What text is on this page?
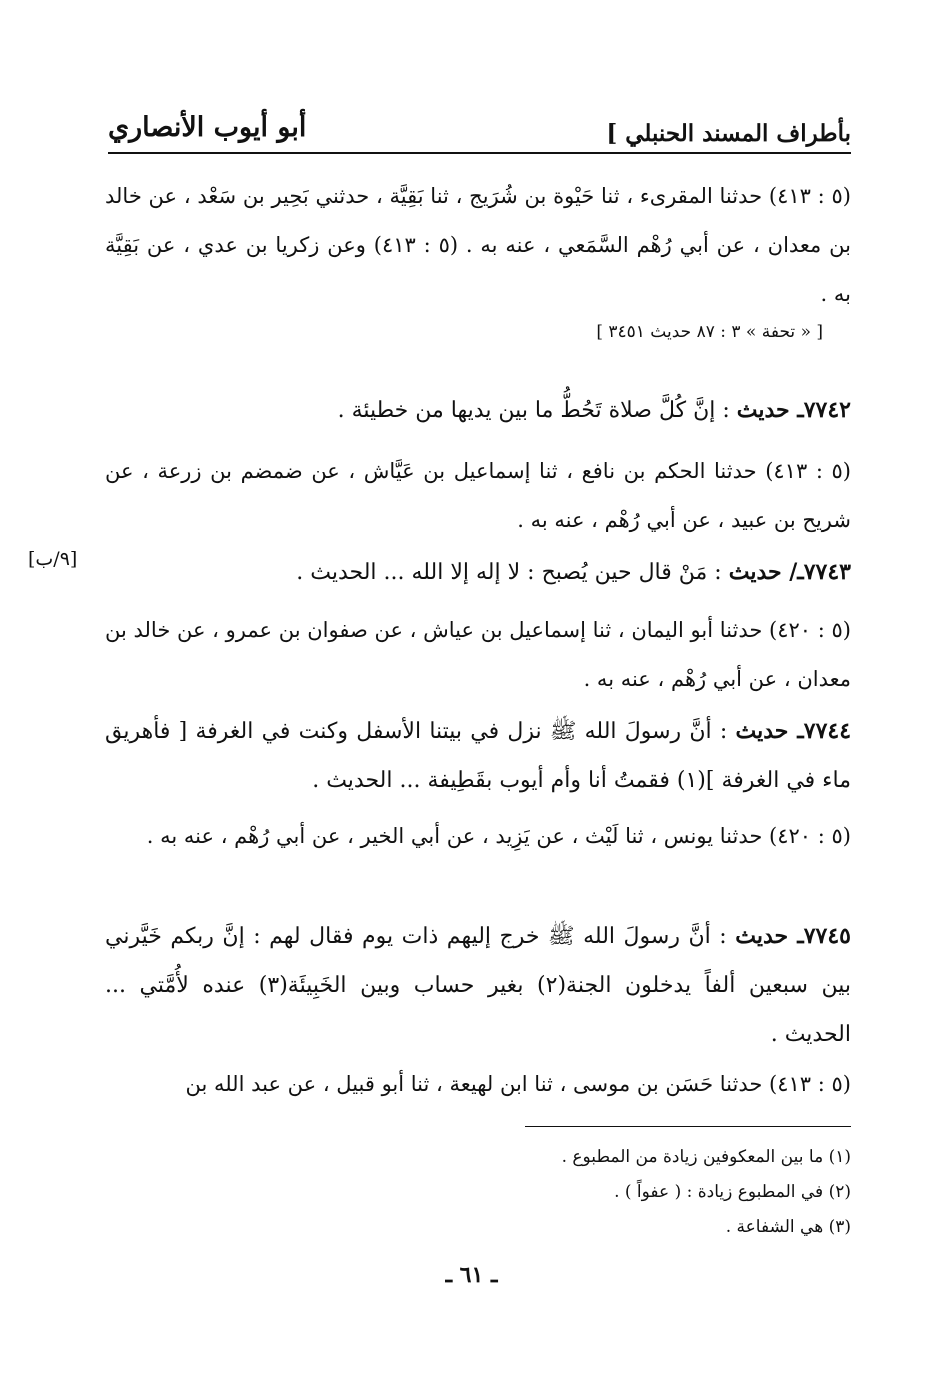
بأطراف المسند الحنبلي ]
أبو أيوب الأنصاري
(٥ : ٤١٣) حدثنا المقرىء ، ثنا حَيْوة بن شُرَيج ، ثنا بَقِيَّة ، حدثني بَحِير بن سَعْد ، عن خالد بن معدان ، عن أبي رُهْم السَّمَعي ، عنه به . (٥ : ٤١٣) وعن زكريا بن عدي ، عن بَقِيَّة به .
[ « تحفة » ٣ : ٨٧ حديث ٣٤٥١ ]
٧٧٤٢ـ حديث : إنَّ كُلَّ صلاة تَحُطُّ ما بين يديها من خطيئة .
(٥ : ٤١٣) حدثنا الحكم بن نافع ، ثنا إسماعيل بن عَيَّاش ، عن ضمضم بن زرعة ، عن شريح بن عبيد ، عن أبي رُهْم ، عنه به .
[٩/ب]	٧٧٤٣ـ/ حديث : مَنْ قال حين يُصبح : لا إله إلا الله ... الحديث .
(٥ : ٤٢٠) حدثنا أبو اليمان ، ثنا إسماعيل بن عياش ، عن صفوان بن عمرو ، عن خالد بن معدان ، عن أبي رُهْم ، عنه به .
٧٧٤٤ـ حديث : أنَّ رسولَ الله ﷺ نزل في بيتنا الأسفل وكنت في الغرفة [ فأهريق ماء في الغرفة ](١) فقمتُ أنا وأم أيوب بقَطِيفة ... الحديث .
(٥ : ٤٢٠) حدثنا يونس ، ثنا لَيْث ، عن يَزِيد ، عن أبي الخير ، عن أبي رُهْم ، عنه به .
٧٧٤٥ـ حديث : أنَّ رسولَ الله ﷺ خرج إليهم ذات يوم فقال لهم : إنَّ ربكم خَيَّرني بين سبعين ألفاً يدخلون الجنة(٢) بغير حساب وبين الخَبِيئَة(٣) عنده لأُمَّتي ... الحديث .
(٥ : ٤١٣) حدثنا حَسَن بن موسى ، ثنا ابن لهيعة ، ثنا أبو قبيل ، عن عبد الله بن
(١) ما بين المعكوفين زيادة من المطبوع .
(٢) في المطبوع زيادة : ( عفواً ) .
(٣) هي الشفاعة .
ـ ٦١ ـ
